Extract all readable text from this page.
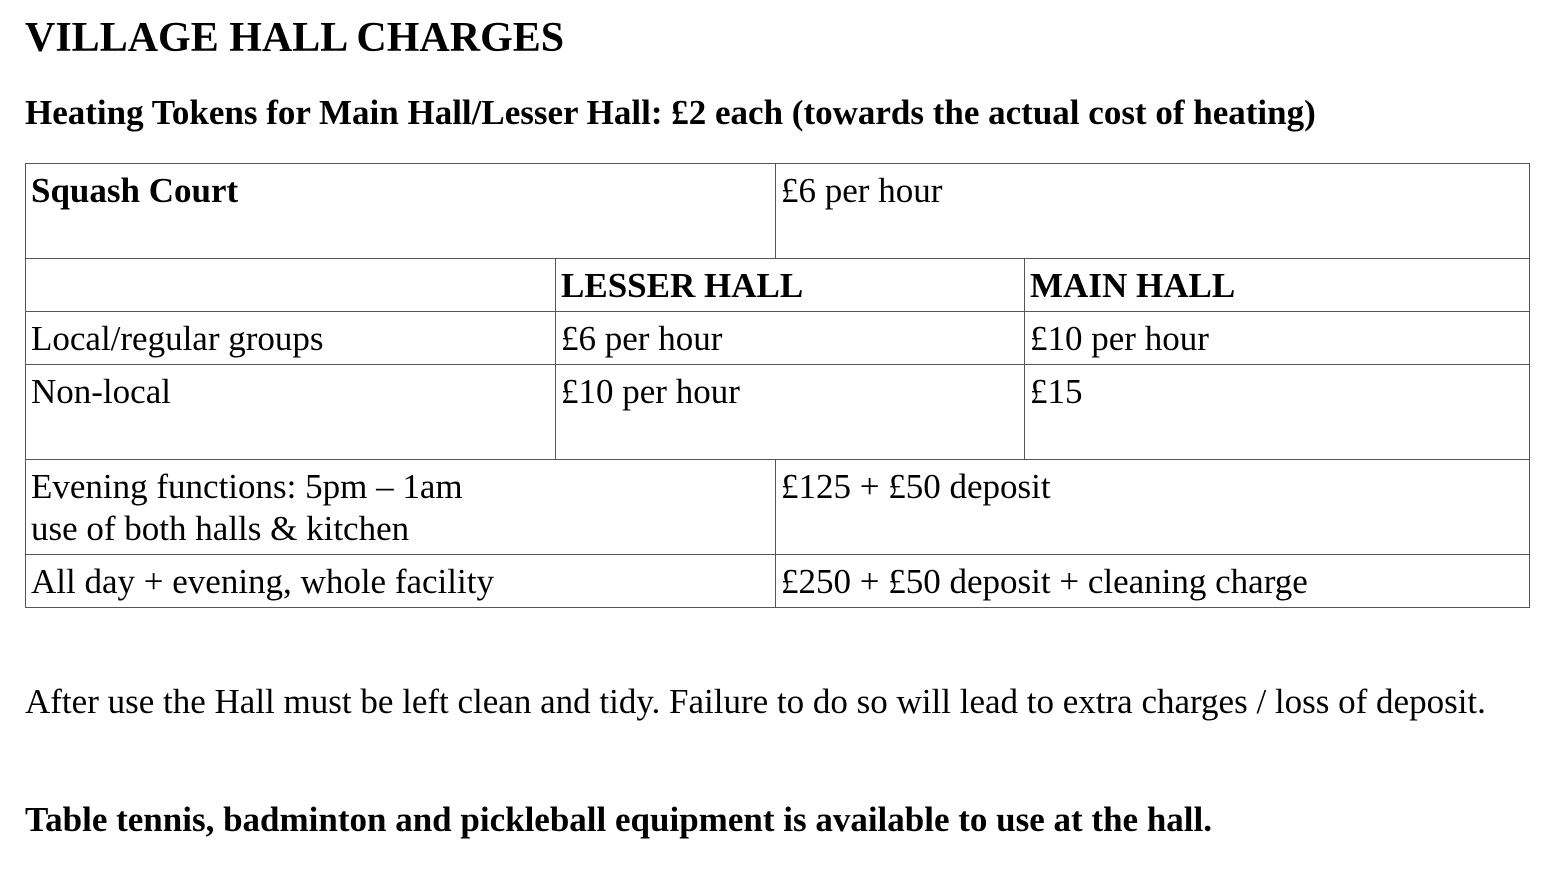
VILLAGE HALL CHARGES

Heating Tokens for Main Hall/Lesser Hall: £2 each (towards the actual cost of heating)

Squash Court		£6 per hour	
	LESSER HALL		MAIN HALL
Local/regular groups	£6 per hour		£10 per hour
Non-local	£10 per hour		£15
Evening functions: 5pm – 1am
use of both halls & kitchen		£125 + £50 deposit	
All day + evening, whole facility		£250 + £50 deposit + cleaning charge	

After use the Hall must be left clean and tidy. Failure to do so will lead to extra charges / loss of deposit.

Table tennis, badminton and pickleball equipment is available to use at the hall.
